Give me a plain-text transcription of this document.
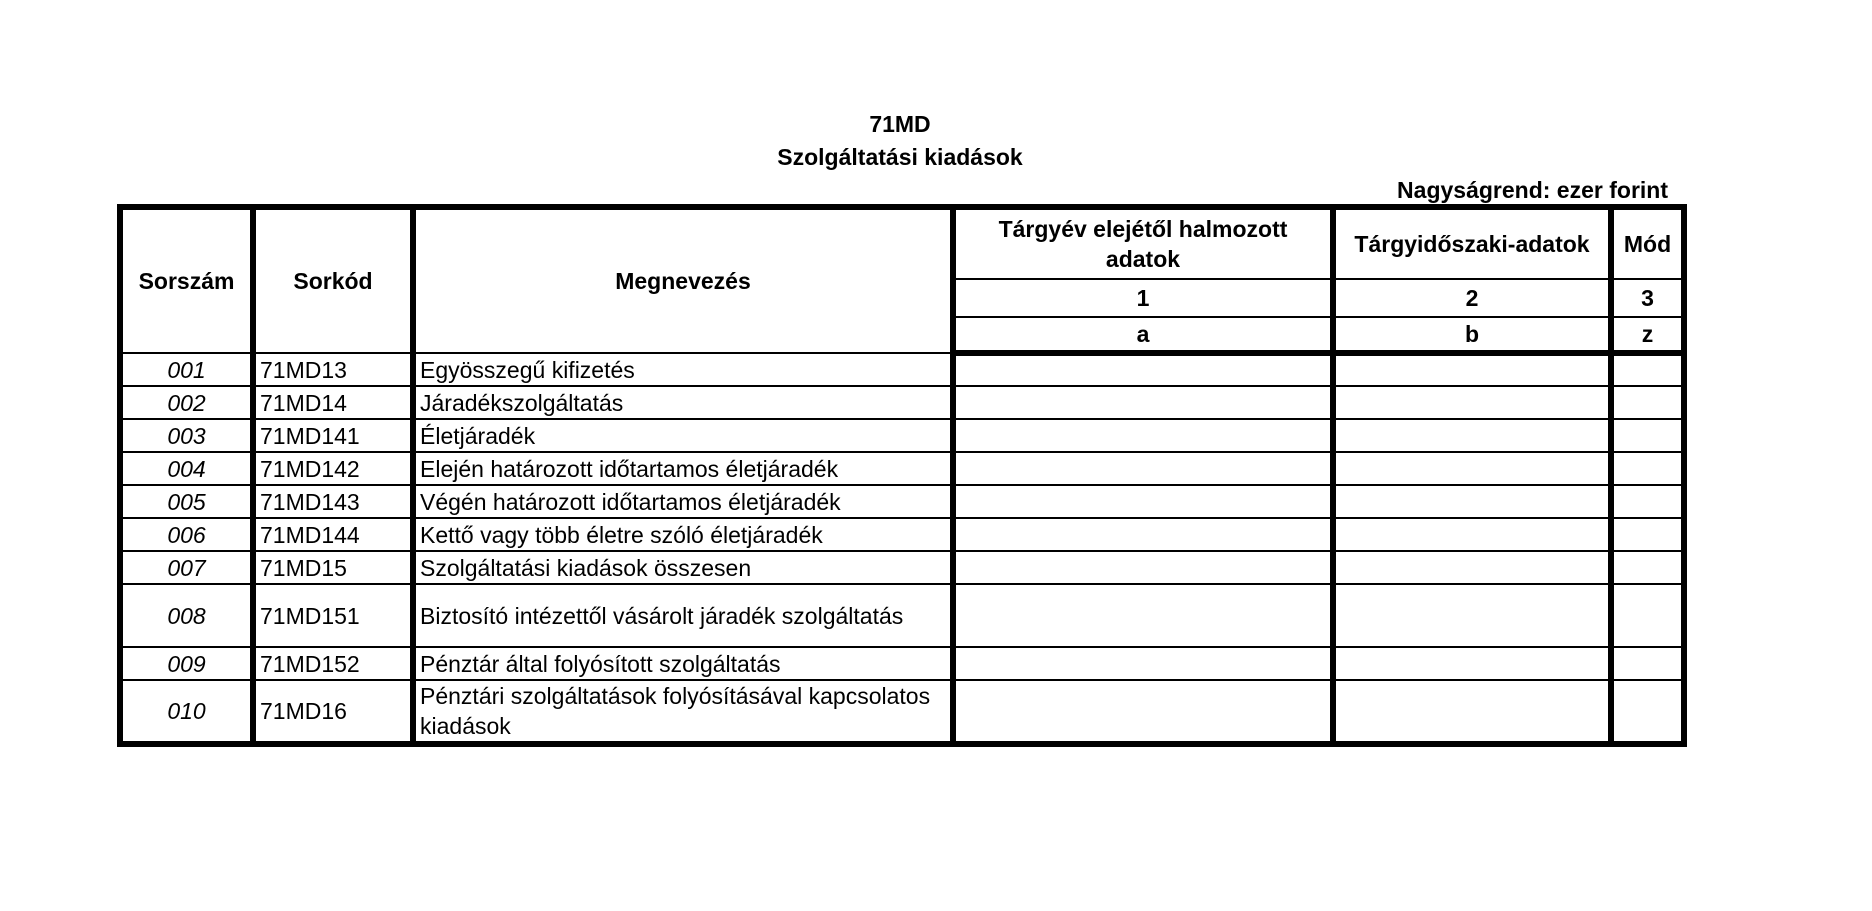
71MD
Szolgáltatási kiadások
Nagyságrend: ezer forint
Sorszám	Sorkód	Megnevezés	Tárgyév elejétől halmozott adatok	Tárgyidőszaki-adatok	Mód
			1	2	3
			a	b	z
001	71MD13	Egyösszegű kifizetés			
002	71MD14	Járadékszolgáltatás			
003	71MD141	Életjáradék			
004	71MD142	Elején határozott időtartamos életjáradék			
005	71MD143	Végén határozott időtartamos életjáradék			
006	71MD144	Kettő vagy több életre szóló életjáradék			
007	71MD15	Szolgáltatási kiadások összesen			
008	71MD151	Biztosító intézettől vásárolt járadék szolgáltatás			
009	71MD152	Pénztár által folyósított szolgáltatás			
010	71MD16	Pénztári szolgáltatások folyósításával kapcsolatos kiadások			
